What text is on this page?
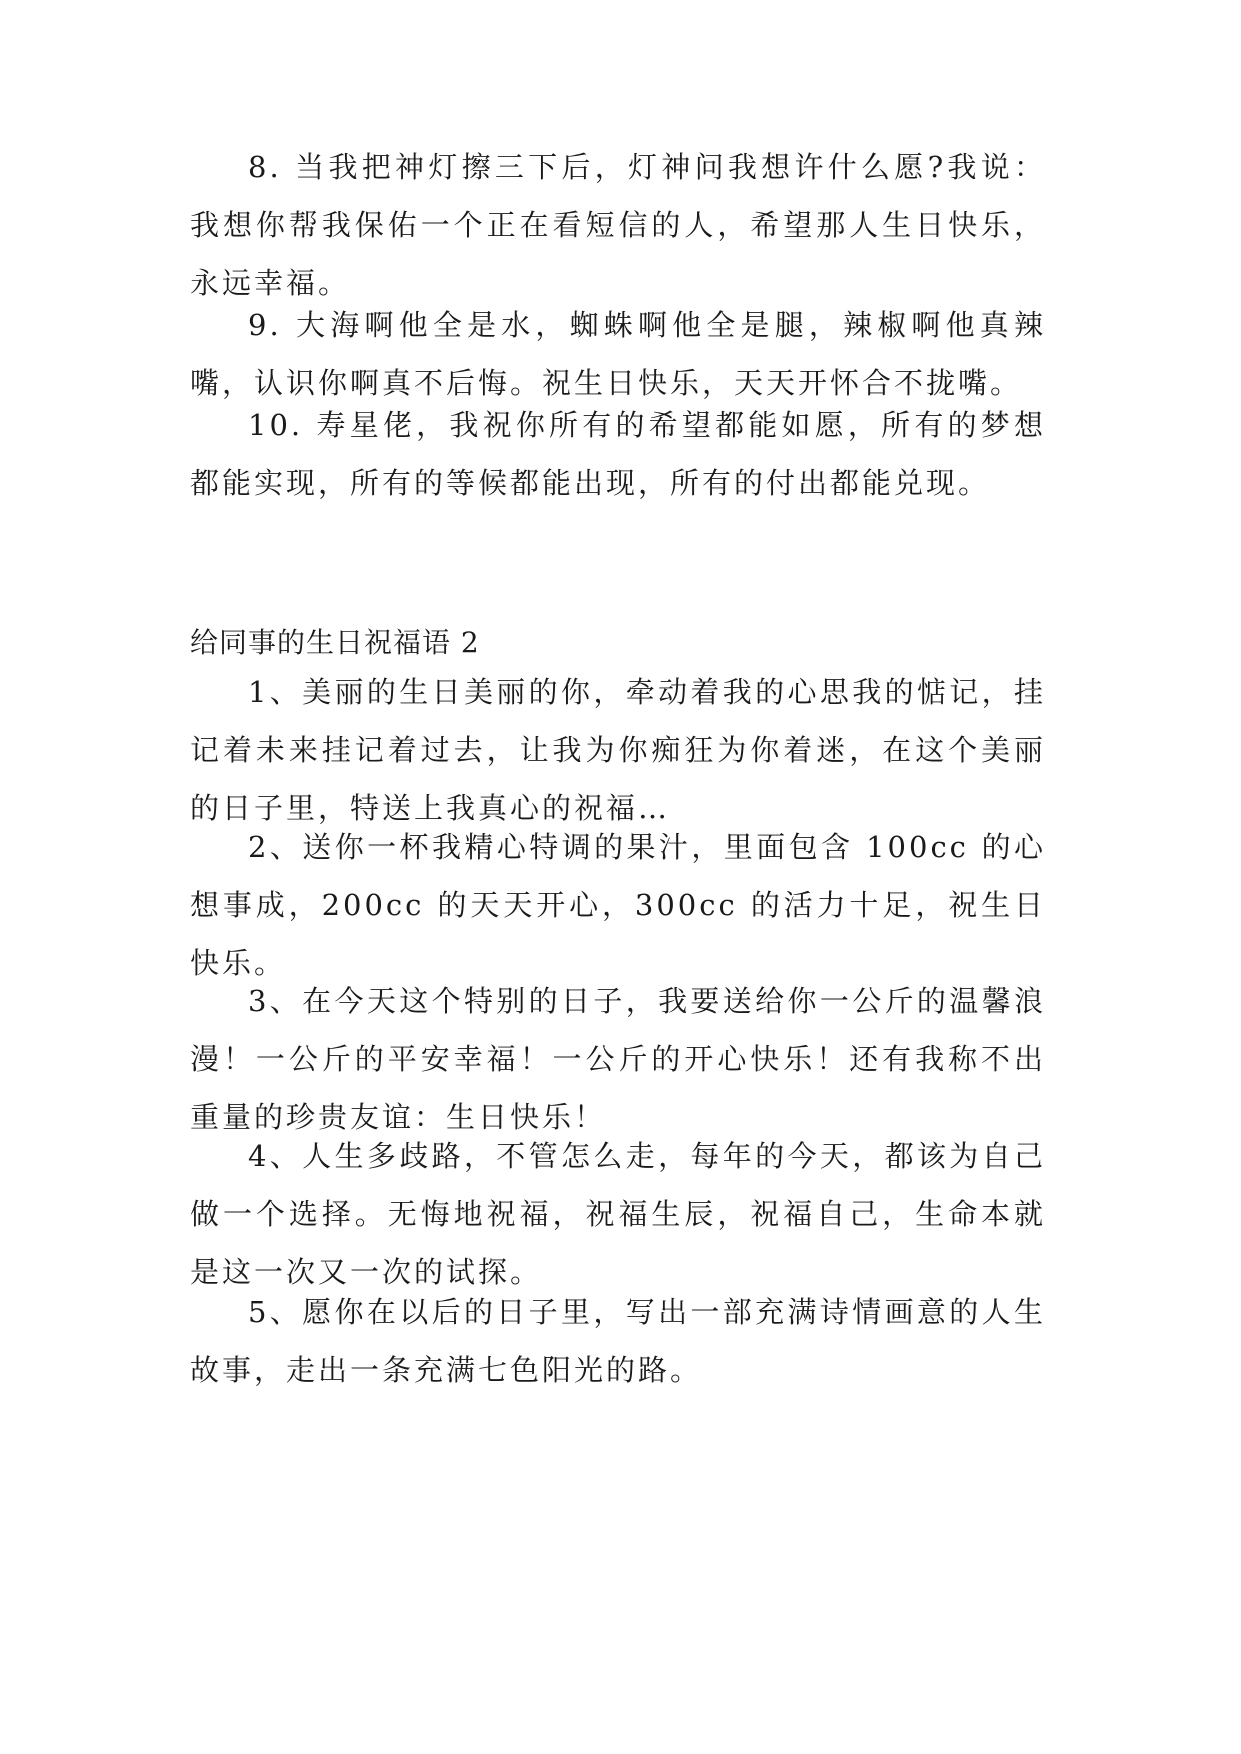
8. 当我把神灯擦三下后，灯神问我想许什么愿?我说：我想你帮我保佑一个正在看短信的人，希望那人生日快乐，永远幸福。

9. 大海啊他全是水，蜘蛛啊他全是腿，辣椒啊他真辣嘴，认识你啊真不后悔。祝生日快乐，天天开怀合不拢嘴。

10. 寿星佬，我祝你所有的希望都能如愿，所有的梦想都能实现，所有的等候都能出现，所有的付出都能兑现。

给同事的生日祝福语 2

1、美丽的生日美丽的你，牵动着我的心思我的惦记，挂记着未来挂记着过去，让我为你痴狂为你着迷，在这个美丽的日子里，特送上我真心的祝福…

2、送你一杯我精心特调的果汁，里面包含 100cc 的心想事成，200cc 的天天开心，300cc 的活力十足，祝生日快乐。

3、在今天这个特别的日子，我要送给你一公斤的温馨浪漫！一公斤的平安幸福！一公斤的开心快乐！还有我称不出重量的珍贵友谊：生日快乐！

4、人生多歧路，不管怎么走，每年的今天，都该为自己做一个选择。无悔地祝福，祝福生辰，祝福自己，生命本就是这一次又一次的试探。

5、愿你在以后的日子里，写出一部充满诗情画意的人生故事，走出一条充满七色阳光的路。
